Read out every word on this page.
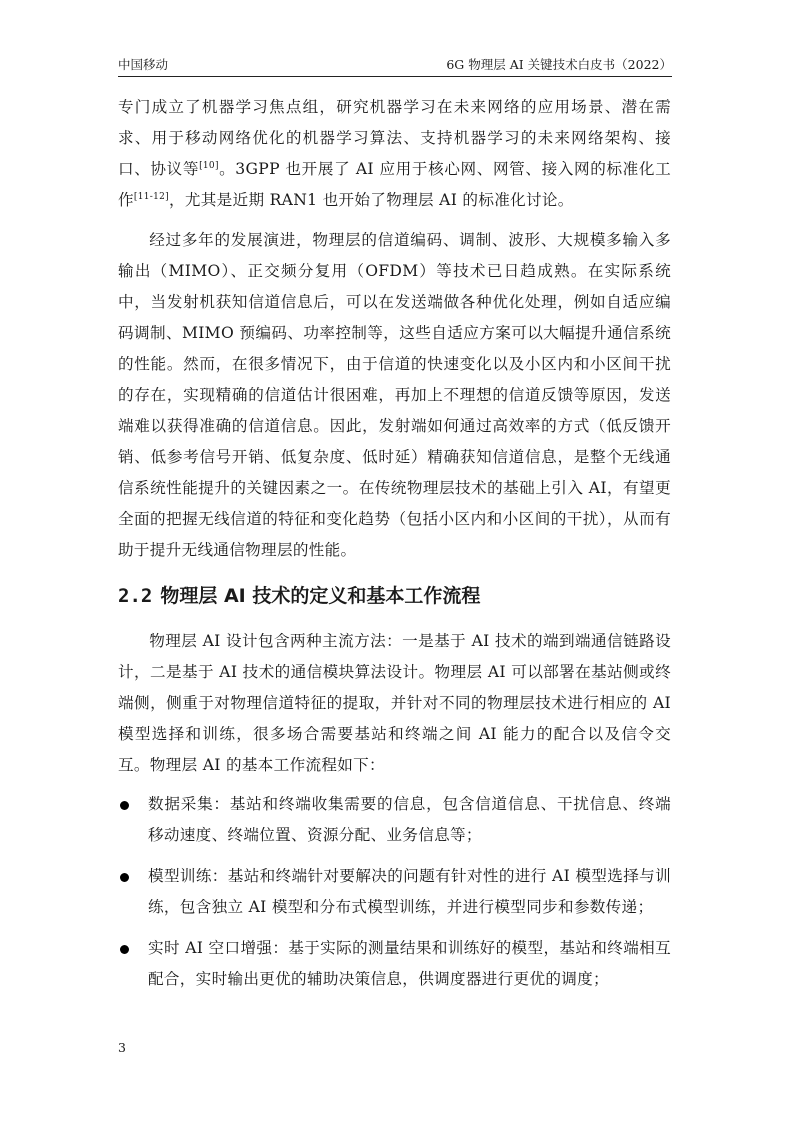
中国移动	6G 物理层 AI 关键技术白皮书（2022）

专门成立了机器学习焦点组，研究机器学习在未来网络的应用场景、潜在需求、用于移动网络优化的机器学习算法、支持机器学习的未来网络架构、接口、协议等[10]。3GPP 也开展了 AI 应用于核心网、网管、接入网的标准化工作[11-12]，尤其是近期 RAN1 也开始了物理层 AI 的标准化讨论。

经过多年的发展演进，物理层的信道编码、调制、波形、大规模多输入多输出（MIMO）、正交频分复用（OFDM）等技术已日趋成熟。在实际系统中，当发射机获知信道信息后，可以在发送端做各种优化处理，例如自适应编码调制、MIMO 预编码、功率控制等，这些自适应方案可以大幅提升通信系统的性能。然而，在很多情况下，由于信道的快速变化以及小区内和小区间干扰的存在，实现精确的信道估计很困难，再加上不理想的信道反馈等原因，发送端难以获得准确的信道信息。因此，发射端如何通过高效率的方式（低反馈开销、低参考信号开销、低复杂度、低时延）精确获知信道信息，是整个无线通信系统性能提升的关键因素之一。在传统物理层技术的基础上引入 AI，有望更全面的把握无线信道的特征和变化趋势（包括小区内和小区间的干扰），从而有助于提升无线通信物理层的性能。

2.2 物理层 AI 技术的定义和基本工作流程

物理层 AI 设计包含两种主流方法：一是基于 AI 技术的端到端通信链路设计，二是基于 AI 技术的通信模块算法设计。物理层 AI 可以部署在基站侧或终端侧，侧重于对物理信道特征的提取，并针对不同的物理层技术进行相应的 AI 模型选择和训练，很多场合需要基站和终端之间 AI 能力的配合以及信令交互。物理层 AI 的基本工作流程如下：

数据采集：基站和终端收集需要的信息，包含信道信息、干扰信息、终端移动速度、终端位置、资源分配、业务信息等；
模型训练：基站和终端针对要解决的问题有针对性的进行 AI 模型选择与训练，包含独立 AI 模型和分布式模型训练，并进行模型同步和参数传递；
实时 AI 空口增强：基于实际的测量结果和训练好的模型，基站和终端相互配合，实时输出更优的辅助决策信息，供调度器进行更优的调度；
3
